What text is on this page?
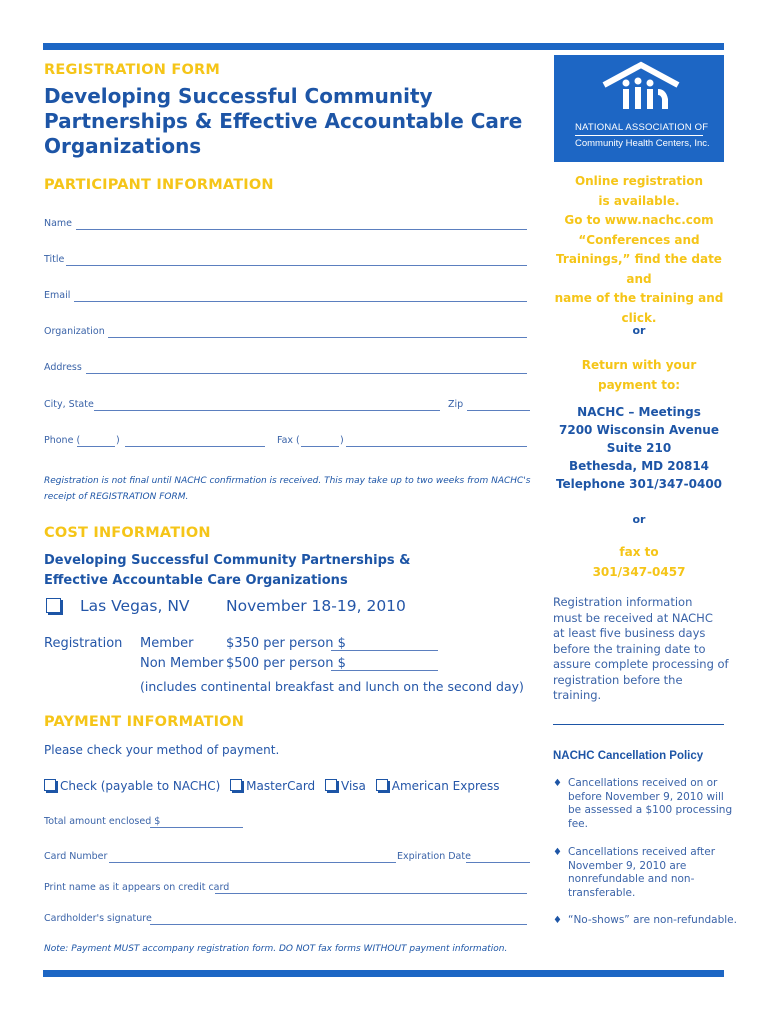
REGISTRATION FORM
Developing Successful Community
Partnerships & Effective Accountable Care
Organizations
NATIONAL ASSOCIATION OF
Community Health Centers, Inc.
PARTICIPANT INFORMATION
Name
Title
Email
Organization
Address
City, State	Zip
Phone (	)	Fax (	)
Registration is not final until NACHC confirmation is received. This may take up to two weeks from NACHC's
receipt of REGISTRATION FORM.
COST INFORMATION
Developing Successful Community Partnerships &
Effective Accountable Care Organizations
Las Vegas, NV November 18-19, 2010
Registration Member	$350 per person $
Non Member $500 per person $
(includes continental breakfast and lunch on the second day)
PAYMENT INFORMATION
Please check your method of payment.
Check (payable to NACHC) MasterCard Visa American Express
Total amount enclosed $
Card Number	Expiration Date
Print name as it appears on credit card
Cardholder's signature
Note: Payment MUST accompany registration form. DO NOT fax forms WITHOUT payment information.
Online registration
is available.
Go to www.nachc.com
“Conferences and
Trainings,” find the date and
name of the training and
click.
or
Return with your
payment to:
NACHC – Meetings
7200 Wisconsin Avenue
Suite 210
Bethesda, MD 20814
Telephone 301/347-0400
or
fax to
301/347-0457
Registration information
must be received at NACHC
at least five business days
before the training date to
assure complete processing of
registration before the training.
NACHC Cancellation Policy
♦ Cancellations received on or
before November 9, 2010 will
be assessed a $100 processing
fee.
♦ Cancellations received after
November 9, 2010 are
nonrefundable and non-
transferable.
♦ “No-shows” are non-refundable.
